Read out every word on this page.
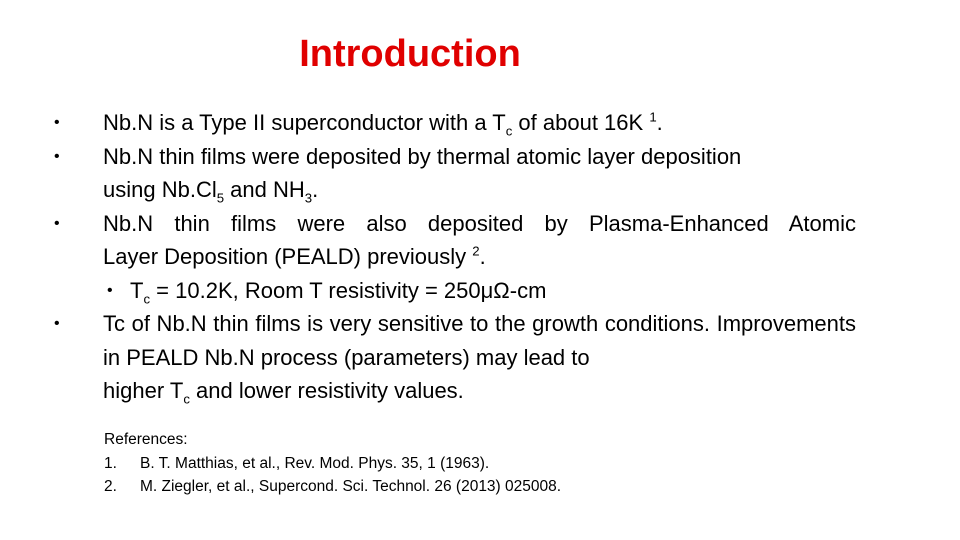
Introduction
• Nb.N is a Type II superconductor with a $T_c$ of about 16K $^1$.
• Nb.N thin films were deposited by thermal atomic layer deposition
using $Nb.Cl_5$ and $NH_3$.
• Nb.N thin films were also deposited by Plasma-Enhanced Atomic
Layer Deposition (PEALD) previously $^2$.
• $T_c = 10.2K$, Room T resistivity = 250μΩ-cm
• Tc of Nb.N thin films is very sensitive to the growth conditions. Improvements in PEALD Nb.N process (parameters) may lead to
higher $T_c$ and lower resistivity values.
References:
1. B. T. Matthias, et al., Rev. Mod. Phys. 35, 1 (1963).
2. M. Ziegler, et al., Supercond. Sci. Technol. 26 (2013) 025008.
